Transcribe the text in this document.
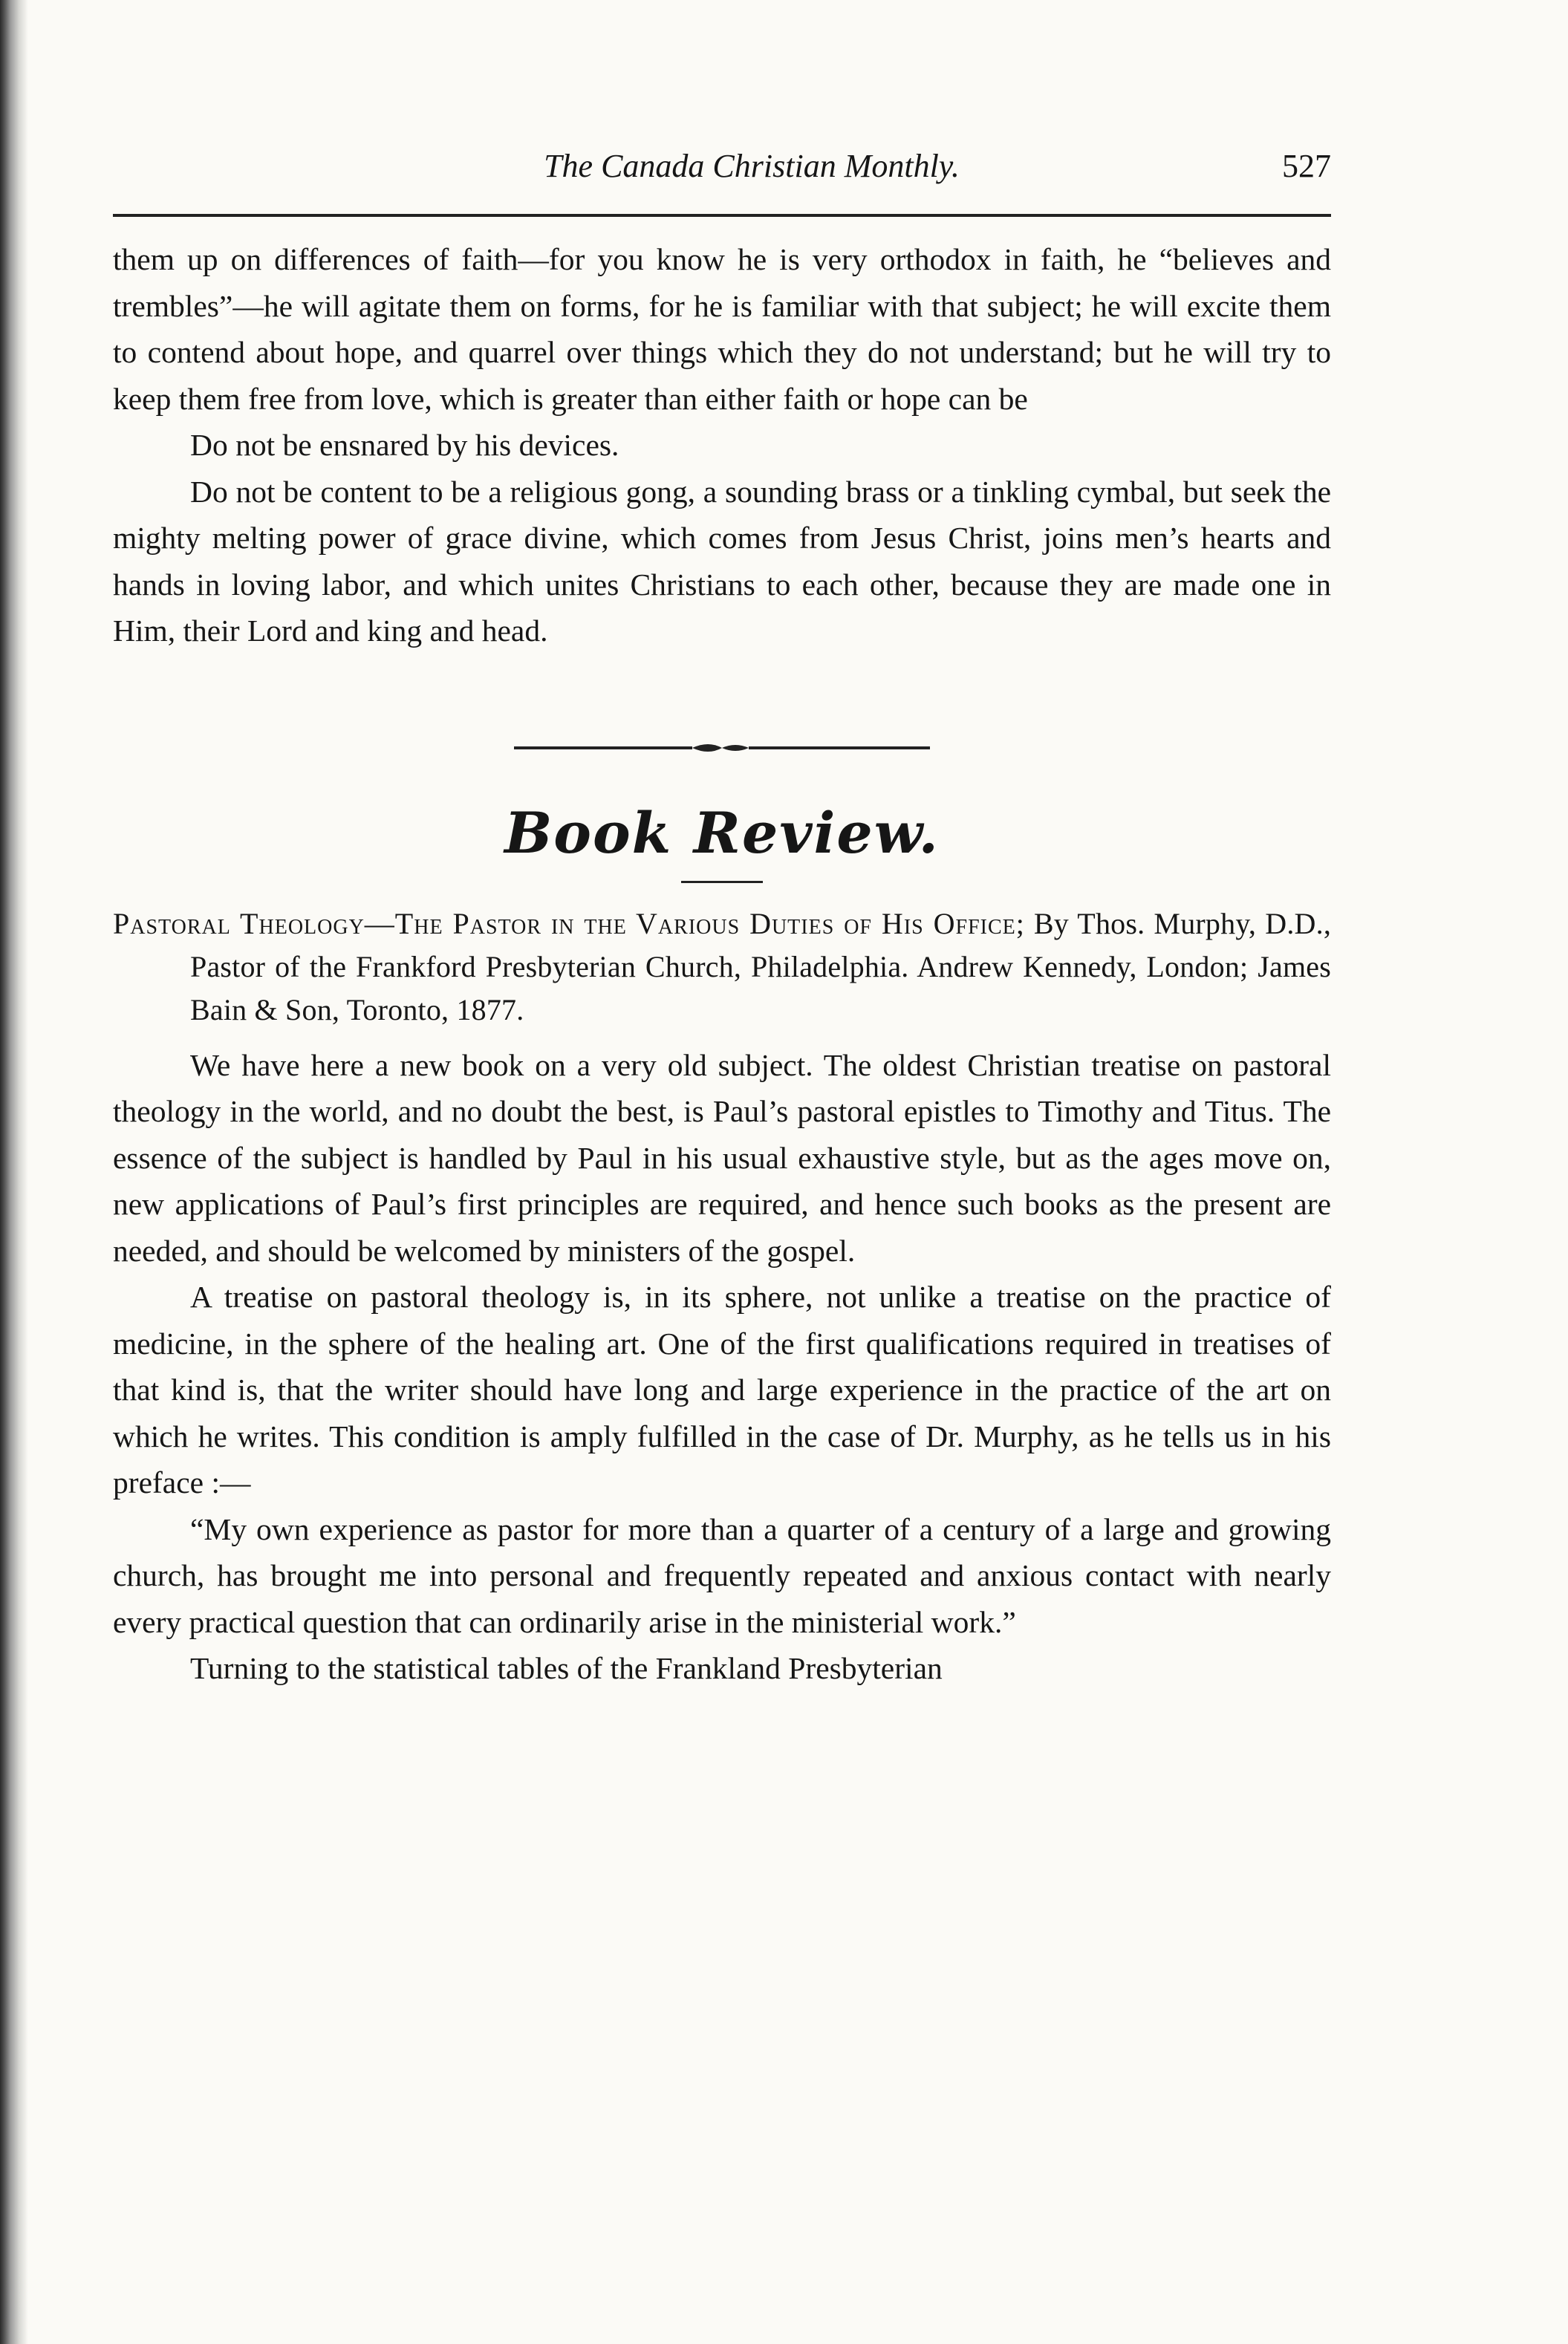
The Canada Christian Monthly.	527

them up on differences of faith—for you know he is very orthodox in faith, he “believes and trembles”—he will agitate them on forms, for he is familiar with that subject; he will excite them to contend about hope, and quarrel over things which they do not understand; but he will try to keep them free from love, which is greater than either faith or hope can be

Do not be ensnared by his devices.

Do not be content to be a religious gong, a sounding brass or a tinkling cymbal, but seek the mighty melting power of grace divine, which comes from Jesus Christ, joins men’s hearts and hands in loving labor, and which unites Christians to each other, because they are made one in Him, their Lord and king and head.

Book Review.

Pastoral Theology—The Pastor in the Various Duties of His Office; By Thos. Murphy, D.D., Pastor of the Frankford Presbyterian Church, Philadelphia. Andrew Kennedy, London; James Bain & Son, Toronto, 1877.

We have here a new book on a very old subject. The oldest Christian treatise on pastoral theology in the world, and no doubt the best, is Paul’s pastoral epistles to Timothy and Titus. The essence of the subject is handled by Paul in his usual exhaustive style, but as the ages move on, new applications of Paul’s first principles are required, and hence such books as the present are needed, and should be welcomed by ministers of the gospel.

A treatise on pastoral theology is, in its sphere, not unlike a treatise on the practice of medicine, in the sphere of the healing art. One of the first qualifications required in treatises of that kind is, that the writer should have long and large experience in the practice of the art on which he writes. This condition is amply fulfilled in the case of Dr. Murphy, as he tells us in his preface :—

“My own experience as pastor for more than a quarter of a century of a large and growing church, has brought me into personal and frequently repeated and anxious contact with nearly every practical question that can ordinarily arise in the ministerial work.”

Turning to the statistical tables of the Frankland Presbyterian
